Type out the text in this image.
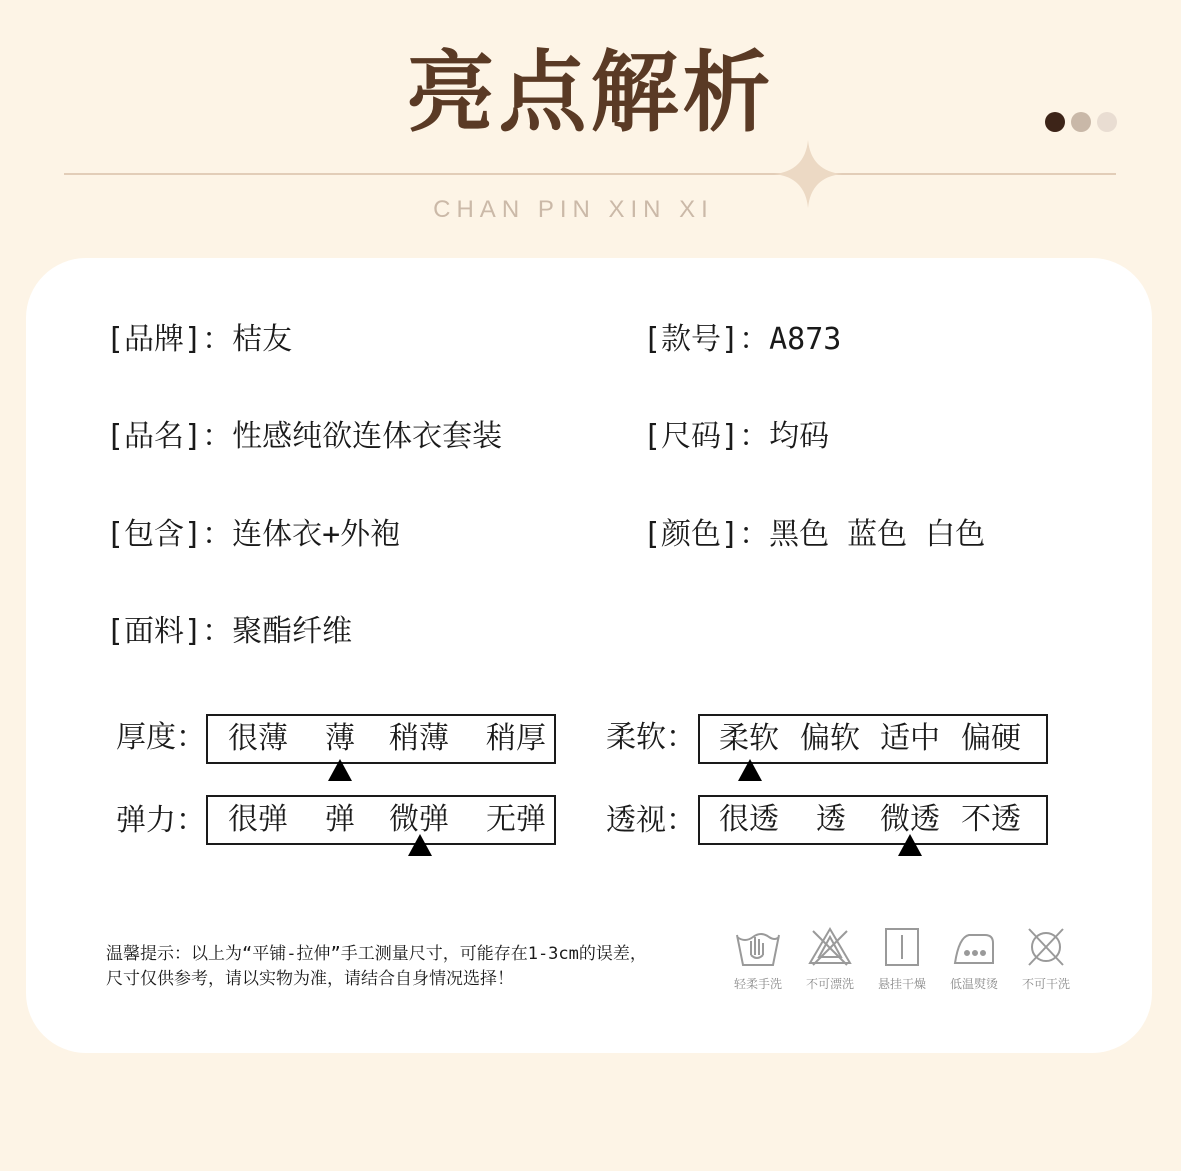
亮点解析
CHAN PIN XIN XI
[品牌]：桔友	[款号]：A873
[品名]：性感纯欲连体衣套装	[尺码]：均码
[包含]：连体衣+外袍	[颜色]：黑色 蓝色 白色
[面料]：聚酯纤维
厚度： 很薄 薄 稍薄 稍厚 柔软： 柔软 偏软 适中 偏硬
弹力： 很弹 弹 微弹 无弹 透视： 很透 透 微透 不透
温馨提示：以上为“平铺-拉伸”手工测量尺寸，可能存在1-3cm的误差，
尺寸仅供参考，请以实物为准，请结合自身情况选择！	轻柔手洗	不可漂洗	悬挂干燥	低温熨烫	不可干洗
